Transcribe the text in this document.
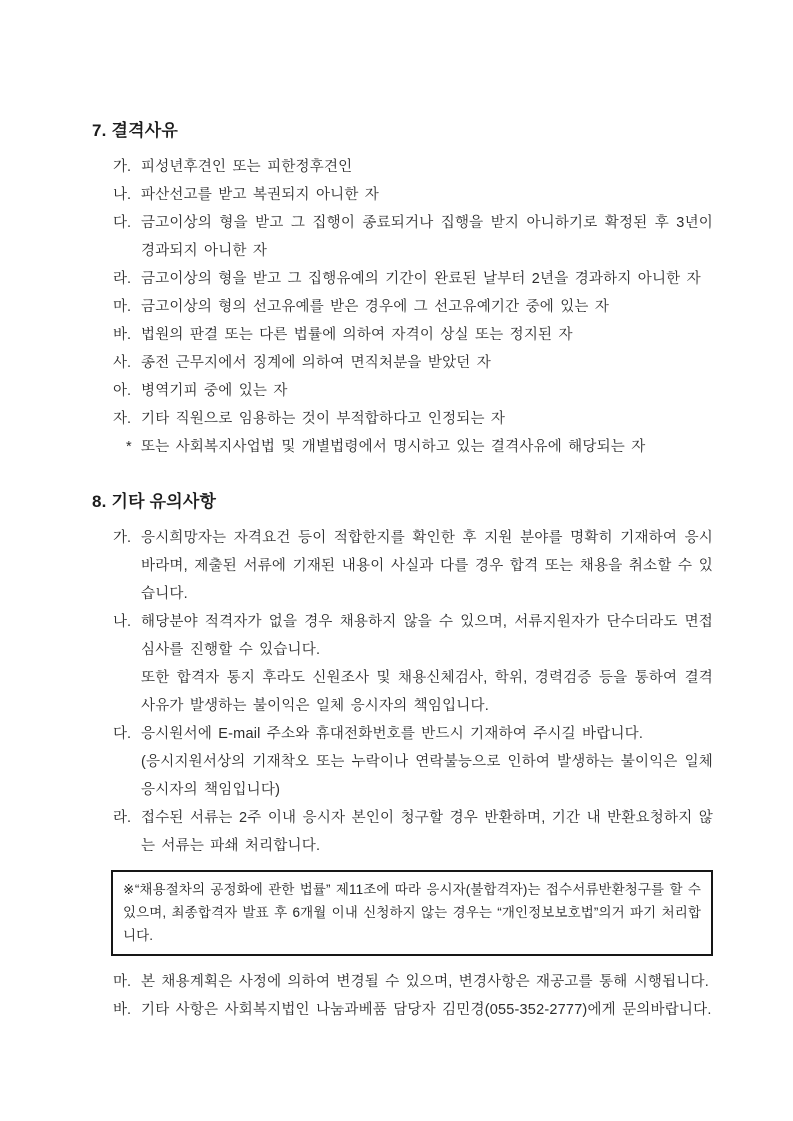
7. 결격사유
가. 피성년후견인 또는 피한정후견인
나. 파산선고를 받고 복권되지 아니한 자
다. 금고이상의 형을 받고 그 집행이 종료되거나 집행을 받지 아니하기로 확정된 후 3년이 경과되지 아니한 자
라. 금고이상의 형을 받고 그 집행유예의 기간이 완료된 날부터 2년을 경과하지 아니한 자
마. 금고이상의 형의 선고유예를 받은 경우에 그 선고유예기간 중에 있는 자
바. 법원의 판결 또는 다른 법률에 의하여 자격이 상실 또는 정지된 자
사. 종전 근무지에서 징계에 의하여 면직처분을 받았던 자
아. 병역기피 중에 있는 자
자. 기타 직원으로 임용하는 것이 부적합하다고 인정되는 자
* 또는 사회복지사업법 및 개별법령에서 명시하고 있는 결격사유에 해당되는 자
8. 기타 유의사항
가. 응시희망자는 자격요건 등이 적합한지를 확인한 후 지원 분야를 명확히 기재하여 응시 바라며, 제출된 서류에 기재된 내용이 사실과 다를 경우 합격 또는 채용을 취소할 수 있습니다.
나. 해당분야 적격자가 없을 경우 채용하지 않을 수 있으며, 서류지원자가 단수더라도 면접심사를 진행할 수 있습니다.
또한 합격자 통지 후라도 신원조사 및 채용신체검사, 학위, 경력검증 등을 통하여 결격사유가 발생하는 불이익은 일체 응시자의 책임입니다.
다. 응시원서에 E-mail 주소와 휴대전화번호를 반드시 기재하여 주시길 바랍니다.
(응시지원서상의 기재착오 또는 누락이나 연락불능으로 인하여 발생하는 불이익은 일체 응시자의 책임입니다)
라. 접수된 서류는 2주 이내 응시자 본인이 청구할 경우 반환하며, 기간 내 반환요청하지 않는 서류는 파쇄 처리합니다.
※“채용절차의 공정화에 관한 법률” 제11조에 따라 응시자(불합격자)는 접수서류반환청구를 할 수 있으며, 최종합격자 발표 후 6개월 이내 신청하지 않는 경우는 “개인정보보호법”의거 파기 처리합니다.
마. 본 채용계획은 사정에 의하여 변경될 수 있으며, 변경사항은 재공고를 통해 시행됩니다.
바. 기타 사항은 사회복지법인 나눔과베품 담당자 김민경(055-352-2777)에게 문의바랍니다.
